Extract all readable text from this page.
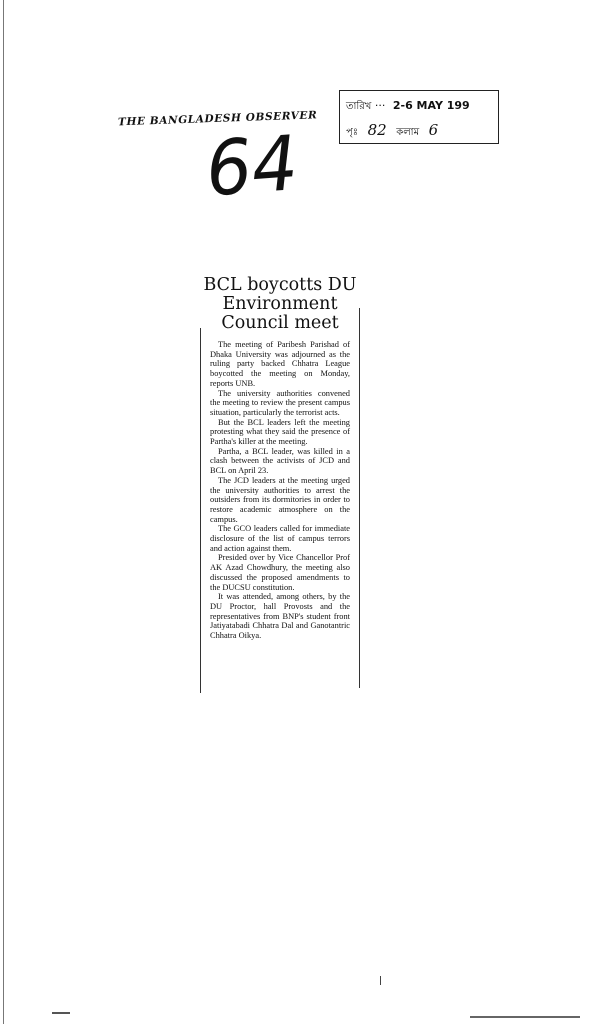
THE BANGLADESH OBSERVER
তারিখ ··· 2-6 MAY 199
পৃঃ 82 কলাম 6
64
BCL boycotts DU
Environment
Council meet

The meeting of Paribesh Parishad of Dhaka University was adjourned as the ruling party backed Chhatra League boycotted the meeting on Monday, reports UNB.

The university authorities convened the meeting to review the present campus situation, particularly the terrorist acts.

But the BCL leaders left the meeting protesting what they said the presence of Partha's killer at the meeting.

Partha, a BCL leader, was killed in a clash between the activists of JCD and BCL on April 23.

The JCD leaders at the meeting urged the university authorities to arrest the outsiders from its dormitories in order to restore academic atmosphere on the campus.

The GCO leaders called for immediate disclosure of the list of campus terrors and action against them.

Presided over by Vice Chancellor Prof AK Azad Chowdhury, the meeting also discussed the proposed amendments to the DUCSU constitution.

It was attended, among others, by the DU Proctor, hall Provosts and the representatives from BNP's student front Jatiyatabadi Chhatra Dal and Ganotantric Chhatra Oikya.
